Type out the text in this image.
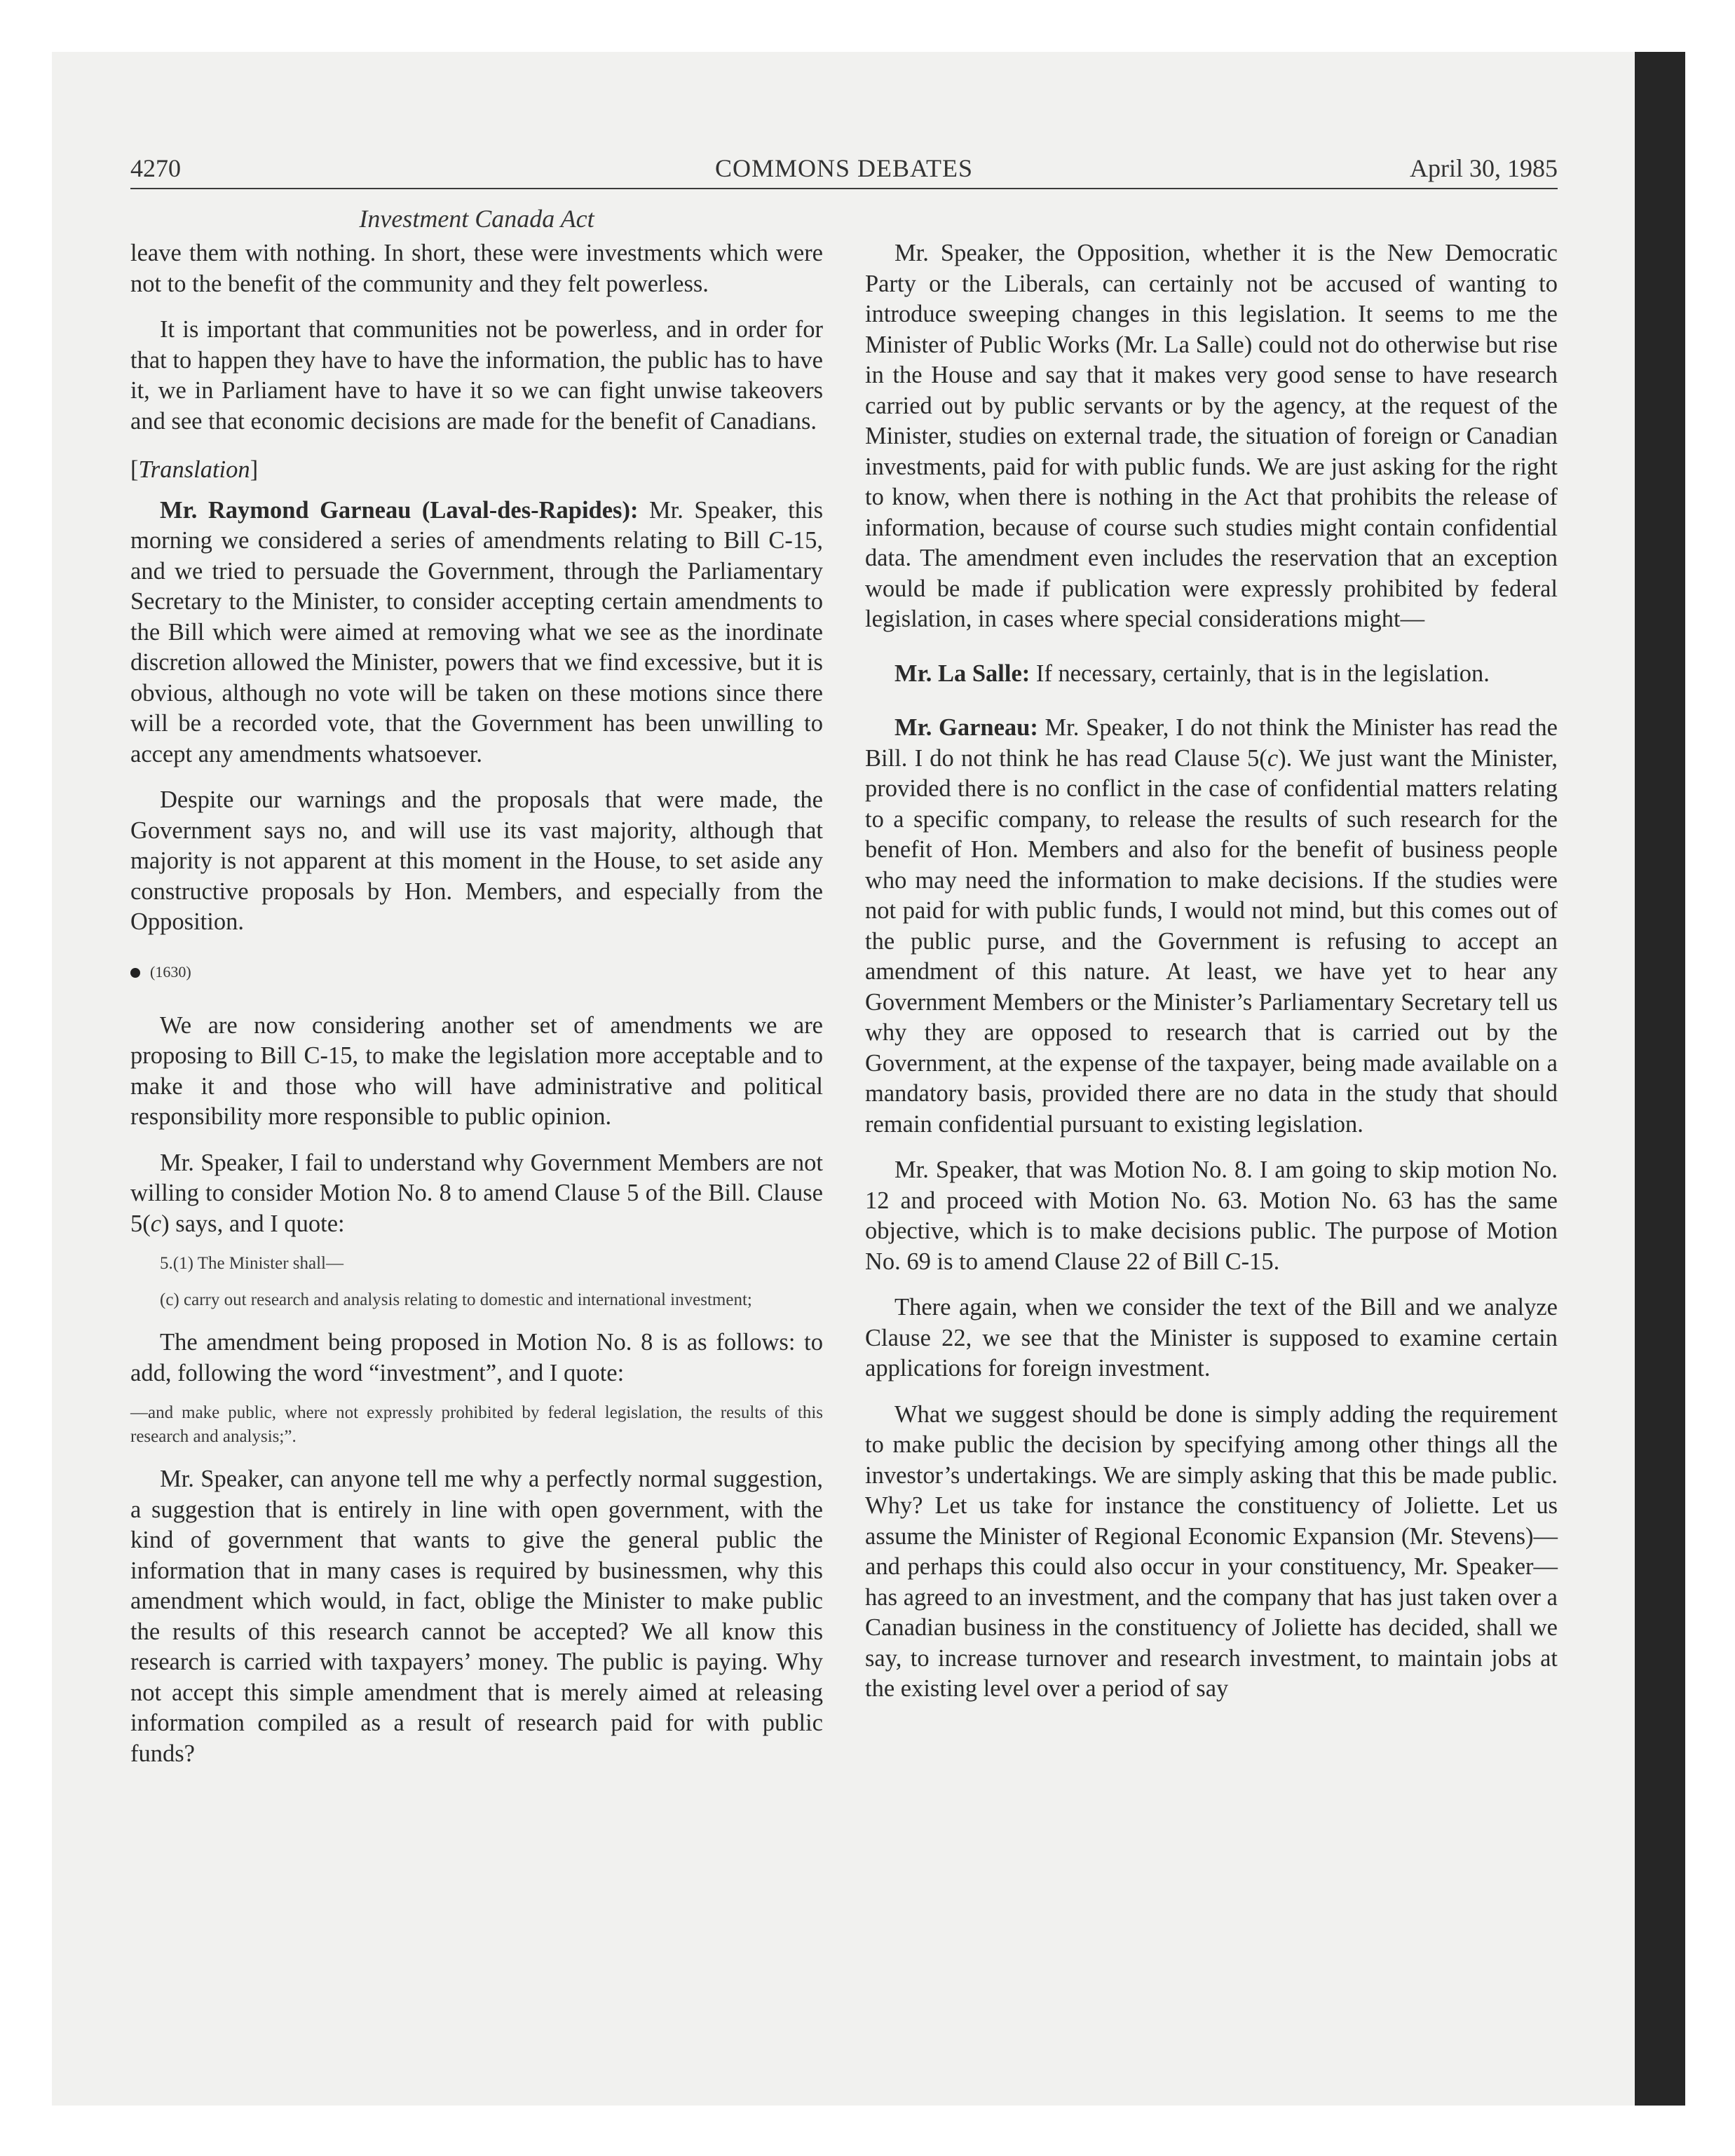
4270	COMMONS DEBATES	April 30, 1985
Investment Canada Act

leave them with nothing. In short, these were investments which were not to the benefit of the community and they felt powerless.

It is important that communities not be powerless, and in order for that to happen they have to have the information, the public has to have it, we in Parliament have to have it so we can fight unwise takeovers and see that economic decisions are made for the benefit of Canadians.

[Translation]

Mr. Raymond Garneau (Laval-des-Rapides): Mr. Speaker, this morning we considered a series of amendments relating to Bill C-15, and we tried to persuade the Government, through the Parliamentary Secretary to the Minister, to consider accepting certain amendments to the Bill which were aimed at removing what we see as the inordinate discretion allowed the Minister, powers that we find excessive, but it is obvious, although no vote will be taken on these motions since there will be a recorded vote, that the Government has been unwilling to accept any amendments whatsoever.

Despite our warnings and the proposals that were made, the Government says no, and will use its vast majority, although that majority is not apparent at this moment in the House, to set aside any constructive proposals by Hon. Members, and especially from the Opposition.

(1630)

We are now considering another set of amendments we are proposing to Bill C-15, to make the legislation more acceptable and to make it and those who will have administrative and political responsibility more responsible to public opinion.

Mr. Speaker, I fail to understand why Government Members are not willing to consider Motion No. 8 to amend Clause 5 of the Bill. Clause 5(c) says, and I quote:

5.(1) The Minister shall—
(c) carry out research and analysis relating to domestic and international investment;

The amendment being proposed in Motion No. 8 is as follows: to add, following the word “investment”, and I quote:

—and make public, where not expressly prohibited by federal legislation, the results of this research and analysis;”.

Mr. Speaker, can anyone tell me why a perfectly normal suggestion, a suggestion that is entirely in line with open government, with the kind of government that wants to give the general public the information that in many cases is required by businessmen, why this amendment which would, in fact, oblige the Minister to make public the results of this research cannot be accepted? We all know this research is carried with taxpayers’ money. The public is paying. Why not accept this simple amendment that is merely aimed at releasing information compiled as a result of research paid for with public funds?

Mr. Speaker, the Opposition, whether it is the New Democratic Party or the Liberals, can certainly not be accused of wanting to introduce sweeping changes in this legislation. It seems to me the Minister of Public Works (Mr. La Salle) could not do otherwise but rise in the House and say that it makes very good sense to have research carried out by public servants or by the agency, at the request of the Minister, studies on external trade, the situation of foreign or Canadian investments, paid for with public funds. We are just asking for the right to know, when there is nothing in the Act that prohibits the release of information, because of course such studies might contain confidential data. The amendment even includes the reservation that an exception would be made if publication were expressly prohibited by federal legislation, in cases where special considerations might—

Mr. La Salle: If necessary, certainly, that is in the legislation.

Mr. Garneau: Mr. Speaker, I do not think the Minister has read the Bill. I do not think he has read Clause 5(c). We just want the Minister, provided there is no conflict in the case of confidential matters relating to a specific company, to release the results of such research for the benefit of Hon. Members and also for the benefit of business people who may need the information to make decisions. If the studies were not paid for with public funds, I would not mind, but this comes out of the public purse, and the Government is refusing to accept an amendment of this nature. At least, we have yet to hear any Government Members or the Minister’s Parliamentary Secretary tell us why they are opposed to research that is carried out by the Government, at the expense of the taxpayer, being made available on a mandatory basis, provided there are no data in the study that should remain confidential pursuant to existing legislation.

Mr. Speaker, that was Motion No. 8. I am going to skip motion No. 12 and proceed with Motion No. 63. Motion No. 63 has the same objective, which is to make decisions public. The purpose of Motion No. 69 is to amend Clause 22 of Bill C-15.

There again, when we consider the text of the Bill and we analyze Clause 22, we see that the Minister is supposed to examine certain applications for foreign investment.

What we suggest should be done is simply adding the requirement to make public the decision by specifying among other things all the investor’s undertakings. We are simply asking that this be made public. Why? Let us take for instance the constituency of Joliette. Let us assume the Minister of Regional Economic Expansion (Mr. Stevens)—and perhaps this could also occur in your constituency, Mr. Speaker—has agreed to an investment, and the company that has just taken over a Canadian business in the constituency of Joliette has decided, shall we say, to increase turnover and research investment, to maintain jobs at the existing level over a period of say
